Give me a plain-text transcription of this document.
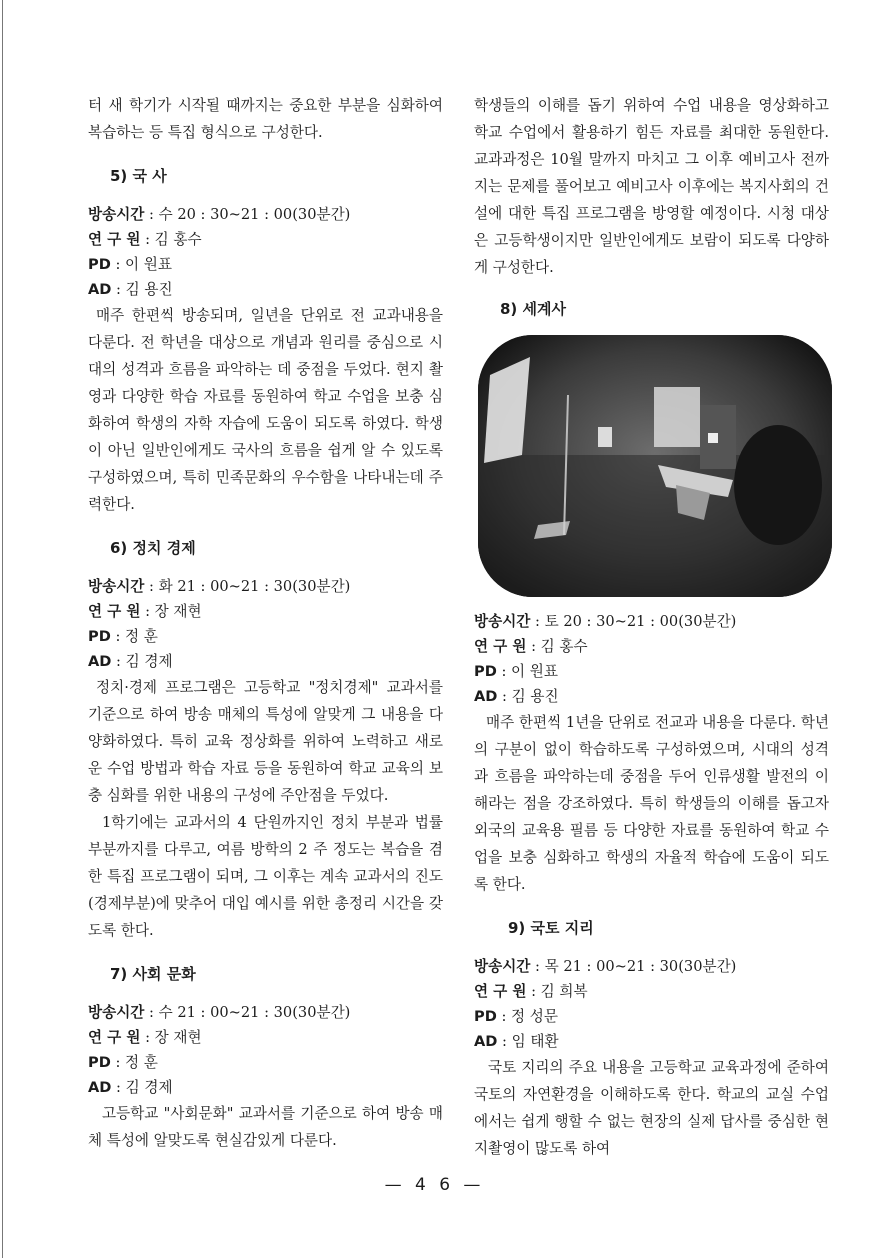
터 새 학기가 시작될 때까지는 중요한 부분을 심화하여 복습하는 등 특집 형식으로 구성한다.

5) 국 사

방송시간 : 수 20 : 30~21 : 00(30분간)

연 구 원 : 김 홍수

PD : 이 원표

AD : 김 용진

매주 한편씩 방송되며, 일년을 단위로 전 교과내용을 다룬다. 전 학년을 대상으로 개념과 원리를 중심으로 시대의 성격과 흐름을 파악하는 데 중점을 두었다. 현지 촬영과 다양한 학습 자료를 동원하여 학교 수업을 보충 심화하여 학생의 자학 자습에 도움이 되도록 하였다. 학생이 아닌 일반인에게도 국사의 흐름을 쉽게 알 수 있도록 구성하였으며, 특히 민족문화의 우수함을 나타내는데 주력한다.

6) 정치 경제

방송시간 : 화 21 : 00~21 : 30(30분간)

연 구 원 : 장 재현

PD : 정 훈

AD : 김 경제

정치·경제 프로그램은 고등학교 "정치경제" 교과서를 기준으로 하여 방송 매체의 특성에 알맞게 그 내용을 다양화하였다. 특히 교육 정상화를 위하여 노력하고 새로운 수업 방법과 학습 자료 등을 동원하여 학교 교육의 보충 심화를 위한 내용의 구성에 주안점을 두었다.

1학기에는 교과서의 4 단원까지인 정치 부분과 법률 부분까지를 다루고, 여름 방학의 2 주 정도는 복습을 겸한 특집 프로그램이 되며, 그 이후는 계속 교과서의 진도(경제부분)에 맞추어 대입 예시를 위한 총정리 시간을 갖도록 한다.

7) 사회 문화

방송시간 : 수 21 : 00~21 : 30(30분간)

연 구 원 : 장 재현

PD : 정 훈

AD : 김 경제

고등학교 "사회문화" 교과서를 기준으로 하여 방송 매체 특성에 알맞도록 현실감있게 다룬다.

학생들의 이해를 돕기 위하여 수업 내용을 영상화하고 학교 수업에서 활용하기 힘든 자료를 최대한 동원한다. 교과과정은 10월 말까지 마치고 그 이후 예비고사 전까지는 문제를 풀어보고 예비고사 이후에는 복지사회의 건설에 대한 특집 프로그램을 방영할 예정이다. 시청 대상은 고등학생이지만 일반인에게도 보람이 되도록 다양하게 구성한다.

8) 세계사

방송시간 : 토 20 : 30~21 : 00(30분간)

연 구 원 : 김 홍수

PD : 이 원표

AD : 김 용진

매주 한편씩 1년을 단위로 전교과 내용을 다룬다. 학년의 구분이 없이 학습하도록 구성하였으며, 시대의 성격과 흐름을 파악하는데 중점을 두어 인류생활 발전의 이해라는 점을 강조하였다. 특히 학생들의 이해를 돕고자 외국의 교육용 필름 등 다양한 자료를 동원하여 학교 수업을 보충 심화하고 학생의 자율적 학습에 도움이 되도록 한다.

9) 국토 지리

방송시간 : 목 21 : 00~21 : 30(30분간)

연 구 원 : 김 희복

PD : 정 성문

AD : 임 태환

국토 지리의 주요 내용을 고등학교 교육과정에 준하여 국토의 자연환경을 이해하도록 한다. 학교의 교실 수업에서는 쉽게 행할 수 없는 현장의 실제 답사를 중심한 현지촬영이 많도록 하여

— 4 6 —
